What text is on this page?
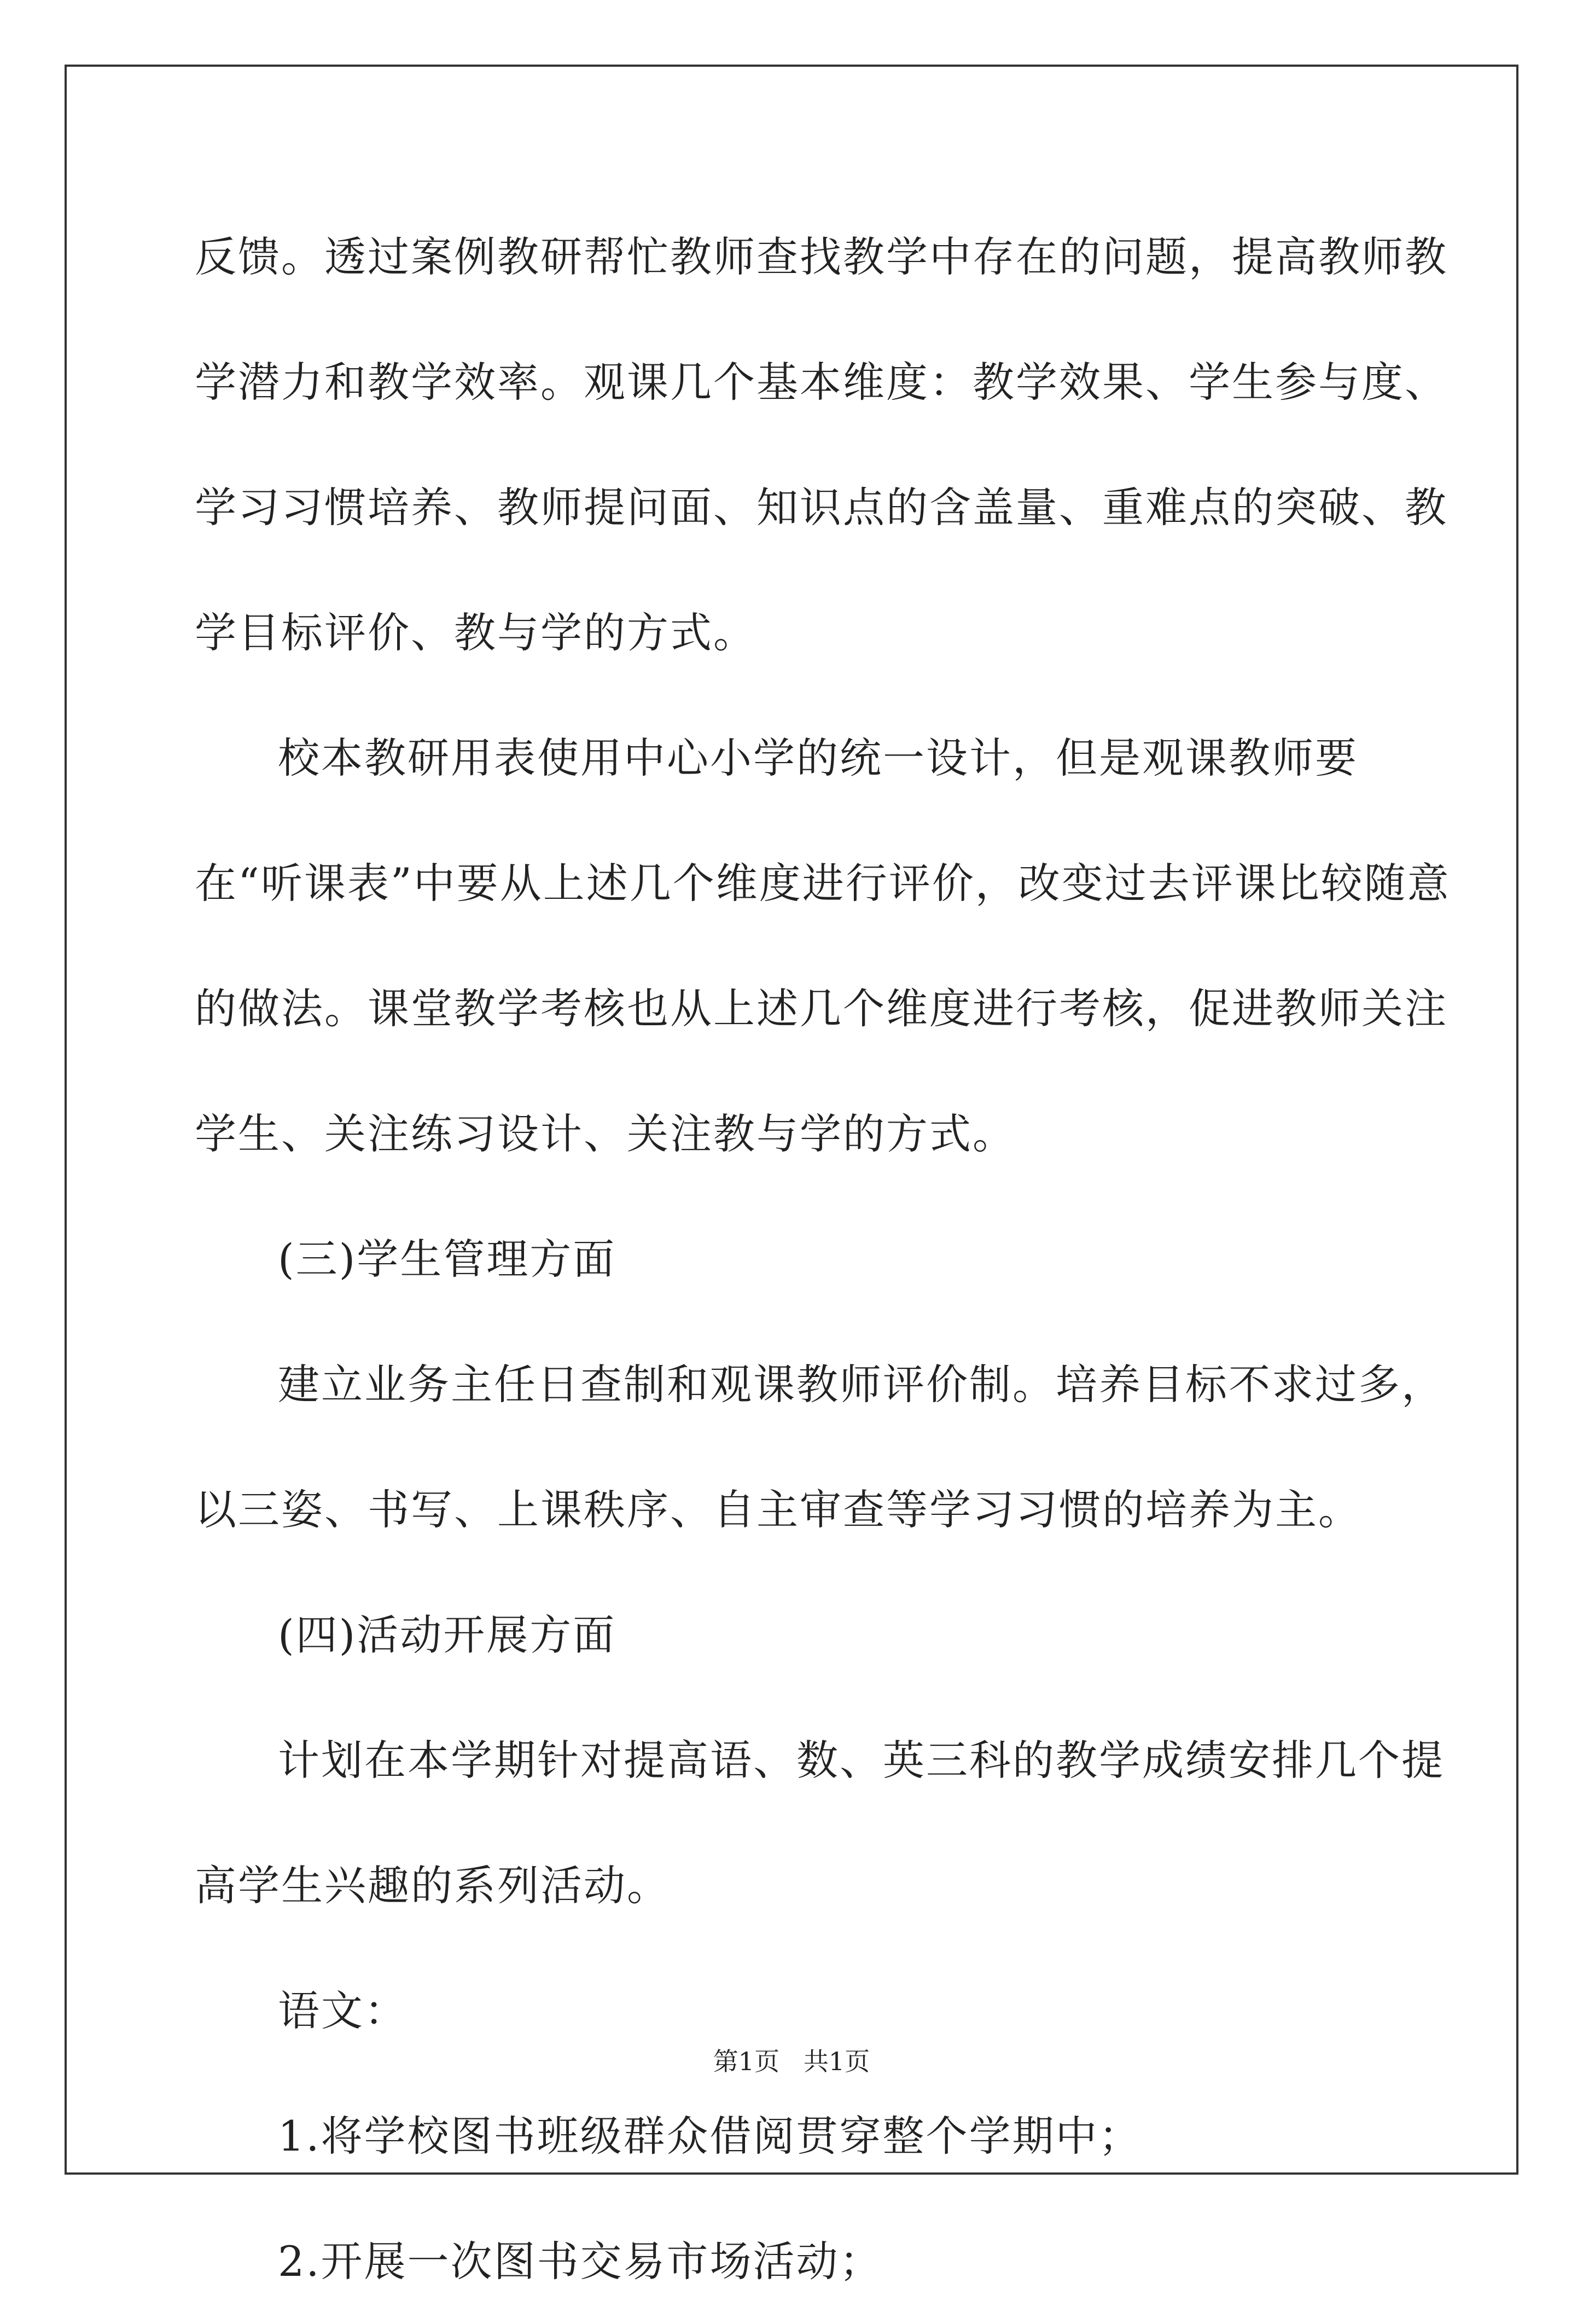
反馈。透过案例教研帮忙教师查找教学中存在的问题，提高教师教学潜力和教学效率。观课几个基本维度：教学效果、学生参与度、学习习惯培养、教师提问面、知识点的含盖量、重难点的突破、教学目标评价、教与学的方式。

校本教研用表使用中心小学的统一设计，但是观课教师要在“听课表”中要从上述几个维度进行评价，改变过去评课比较随意的做法。课堂教学考核也从上述几个维度进行考核，促进教师关注学生、关注练习设计、关注教与学的方式。

(三)学生管理方面

建立业务主任日查制和观课教师评价制。培养目标不求过多，以三姿、书写、上课秩序、自主审查等学习习惯的培养为主。

(四)活动开展方面

计划在本学期针对提高语、数、英三科的教学成绩安排几个提高学生兴趣的系列活动。

语文：

1.将学校图书班级群众借阅贯穿整个学期中；

2.开展一次图书交易市场活动；

第1页   共1页
